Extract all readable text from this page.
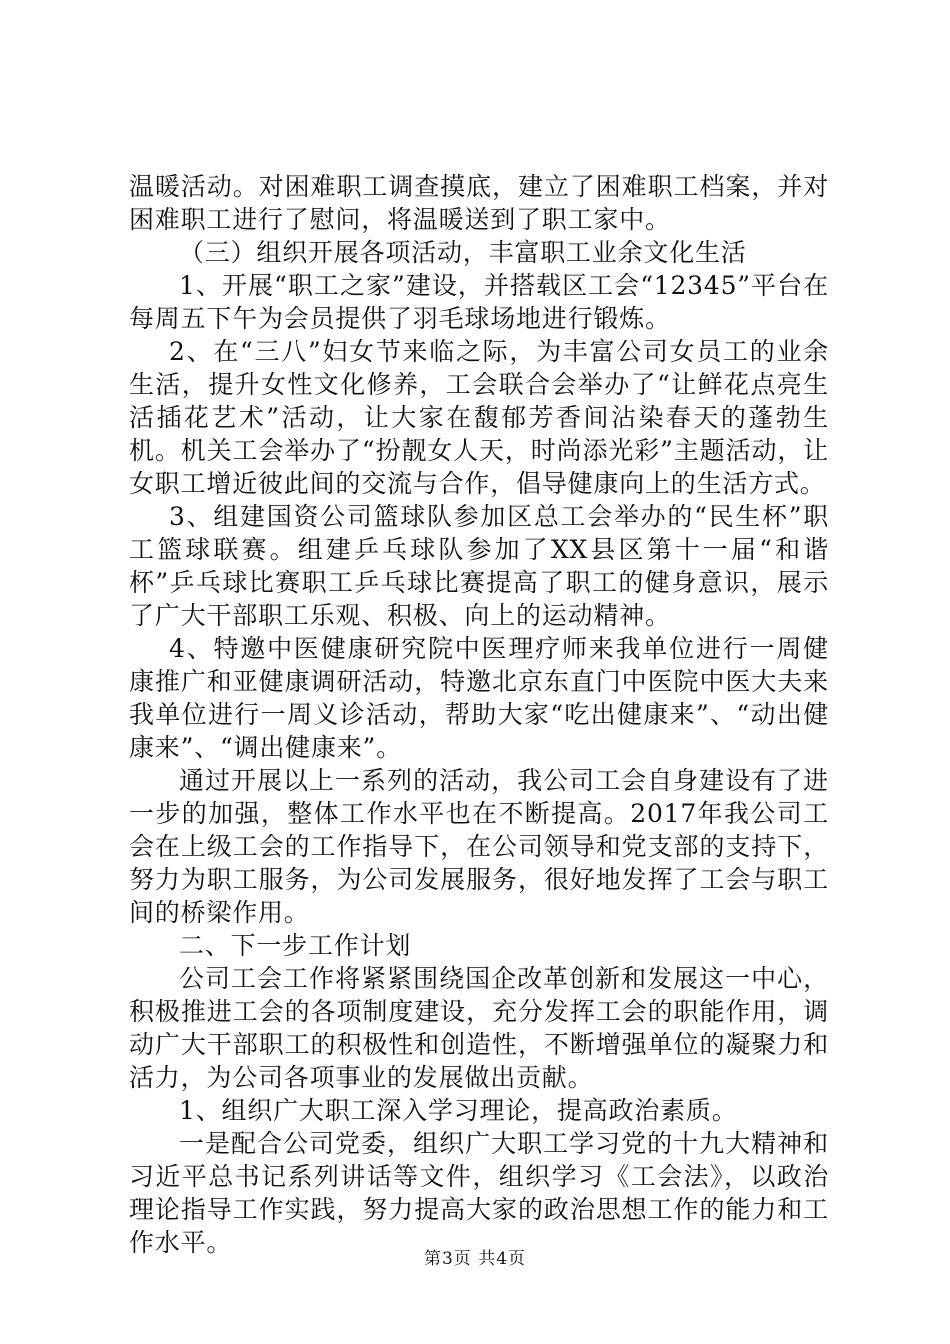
温暖活动。对困难职工调查摸底，建立了困难职工档案，并对困难职工进行了慰问，将温暖送到了职工家中。

（三）组织开展各项活动，丰富职工业余文化生活

1、开展“职工之家”建设，并搭载区工会“12345”平台在每周五下午为会员提供了羽毛球场地进行锻炼。

2、在“三八”妇女节来临之际，为丰富公司女员工的业余生活，提升女性文化修养，工会联合会举办了“让鲜花点亮生活插花艺术”活动，让大家在馥郁芳香间沾染春天的蓬勃生机。机关工会举办了“扮靓女人天，时尚添光彩”主题活动，让女职工增近彼此间的交流与合作，倡导健康向上的生活方式。

3、组建国资公司篮球队参加区总工会举办的“民生杯”职工篮球联赛。组建乒乓球队参加了XX县区第十一届“和谐杯”乒乓球比赛职工乒乓球比赛提高了职工的健身意识，展示了广大干部职工乐观、积极、向上的运动精神。

4、特邀中医健康研究院中医理疗师来我单位进行一周健康推广和亚健康调研活动，特邀北京东直门中医院中医大夫来我单位进行一周义诊活动，帮助大家“吃出健康来”、“动出健康来”、“调出健康来”。

通过开展以上一系列的活动，我公司工会自身建设有了进一步的加强，整体工作水平也在不断提高。2017年我公司工会在上级工会的工作指导下，在公司领导和党支部的支持下，努力为职工服务，为公司发展服务，很好地发挥了工会与职工间的桥梁作用。

二、下一步工作计划

公司工会工作将紧紧围绕国企改革创新和发展这一中心，积极推进工会的各项制度建设，充分发挥工会的职能作用，调动广大干部职工的积极性和创造性，不断增强单位的凝聚力和活力，为公司各项事业的发展做出贡献。

1、组织广大职工深入学习理论，提高政治素质。

一是配合公司党委，组织广大职工学习党的十九大精神和习近平总书记系列讲话等文件，组织学习《工会法》，以政治理论指导工作实践，努力提高大家的政治思想工作的能力和工作水平。

第3页 共4页
